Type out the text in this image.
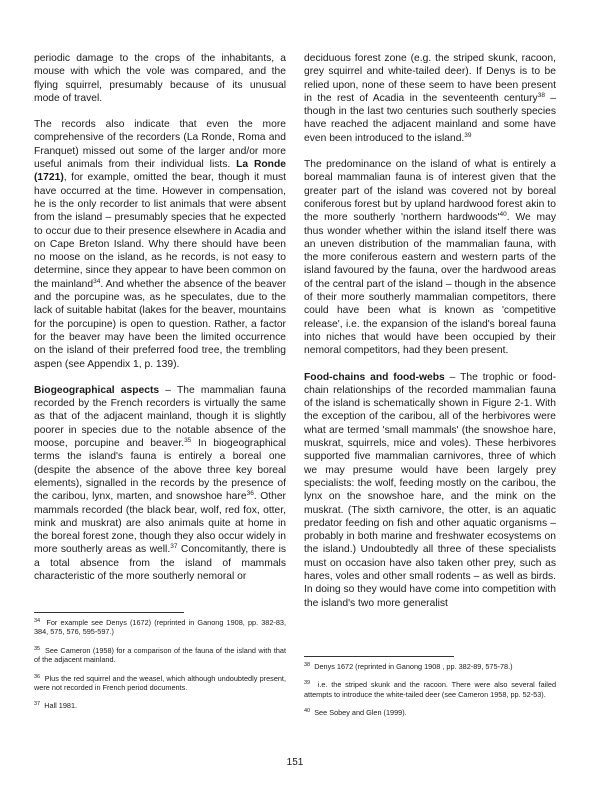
periodic damage to the crops of the inhabitants, a mouse with which the vole was compared, and the flying squirrel, presumably because of its unusual mode of travel.

The records also indicate that even the more comprehensive of the recorders (La Ronde, Roma and Franquet) missed out some of the larger and/or more useful animals from their individual lists. La Ronde (1721), for example, omitted the bear, though it must have occurred at the time. However in compensation, he is the only recorder to list animals that were absent from the island – presumably species that he expected to occur due to their presence elsewhere in Acadia and on Cape Breton Island. Why there should have been no moose on the island, as he records, is not easy to determine, since they appear to have been common on the mainland$^{34}$. And whether the absence of the beaver and the porcupine was, as he speculates, due to the lack of suitable habitat (lakes for the beaver, mountains for the porcupine) is open to question. Rather, a factor for the beaver may have been the limited occurrence on the island of their preferred food tree, the trembling aspen (see Appendix 1, p. 139).

Biogeographical aspects – The mammalian fauna recorded by the French recorders is virtually the same as that of the adjacent mainland, though it is slightly poorer in species due to the notable absence of the moose, porcupine and beaver.$^{35}$ In biogeographical terms the island's fauna is entirely a boreal one (despite the absence of the above three key boreal elements), signalled in the records by the presence of the caribou, lynx, marten, and snowshoe hare$^{36}$. Other mammals recorded (the black bear, wolf, red fox, otter, mink and muskrat) are also animals quite at home in the boreal forest zone, though they also occur widely in more southerly areas as well.$^{37}$ Concomitantly, there is a total absence from the island of mammals characteristic of the more southerly nemoral or

deciduous forest zone (e.g. the striped skunk, racoon, grey squirrel and white-tailed deer). If Denys is to be relied upon, none of these seem to have been present in the rest of Acadia in the seventeenth century$^{38}$ – though in the last two centuries such southerly species have reached the adjacent mainland and some have even been introduced to the island.$^{39}$

The predominance on the island of what is entirely a boreal mammalian fauna is of interest given that the greater part of the island was covered not by boreal coniferous forest but by upland hardwood forest akin to the more southerly 'northern $hardwoods'^{40}$. We may thus wonder whether within the island itself there was an uneven distribution of the mammalian fauna, with the more coniferous eastern and western parts of the island favoured by the fauna, over the hardwood areas of the central part of the island – though in the absence of their more southerly mammalian competitors, there could have been what is known as 'competitive release', i.e. the expansion of the island's boreal fauna into niches that would have been occupied by their nemoral competitors, had they been present.

Food-chains and food-webs – The trophic or food-chain relationships of the recorded mammalian fauna of the island is schematically shown in Figure 2-1. With the exception of the caribou, all of the herbivores were what are termed 'small mammals' (the snowshoe hare, muskrat, squirrels, mice and voles). These herbivores supported five mammalian carnivores, three of which we may presume would have been largely prey specialists: the wolf, feeding mostly on the caribou, the lynx on the snowshoe hare, and the mink on the muskrat. (The sixth carnivore, the otter, is an aquatic predator feeding on fish and other aquatic organisms – probably in both marine and freshwater ecosystems on the island.) Undoubtedly all three of these specialists must on occasion have also taken other prey, such as hares, voles and other small rodents – as well as birds. In doing so they would have come into competition with the island's two more generalist

$^{34}$ For example see Denys (1672) (reprinted in Ganong 1908, pp. 382-83, 384, 575, 576, 595-597.)

$^{35}$ See Cameron (1958) for a comparison of the fauna of the island with that of the adjacent mainland.

$^{36}$ Plus the red squirrel and the weasel, which although undoubtedly present, were not recorded in French period documents.

$^{37}$ Hall 1981.

$^{38}$ Denys 1672 (reprinted in Ganong 1908 , pp. 382-89, 575-78.)

$^{39}$ i.e. the striped skunk and the racoon. There were also several failed attempts to introduce the white-tailed deer (see Cameron 1958, pp. 52-53).

$^{40}$ See Sobey and Glen (1999).

151
